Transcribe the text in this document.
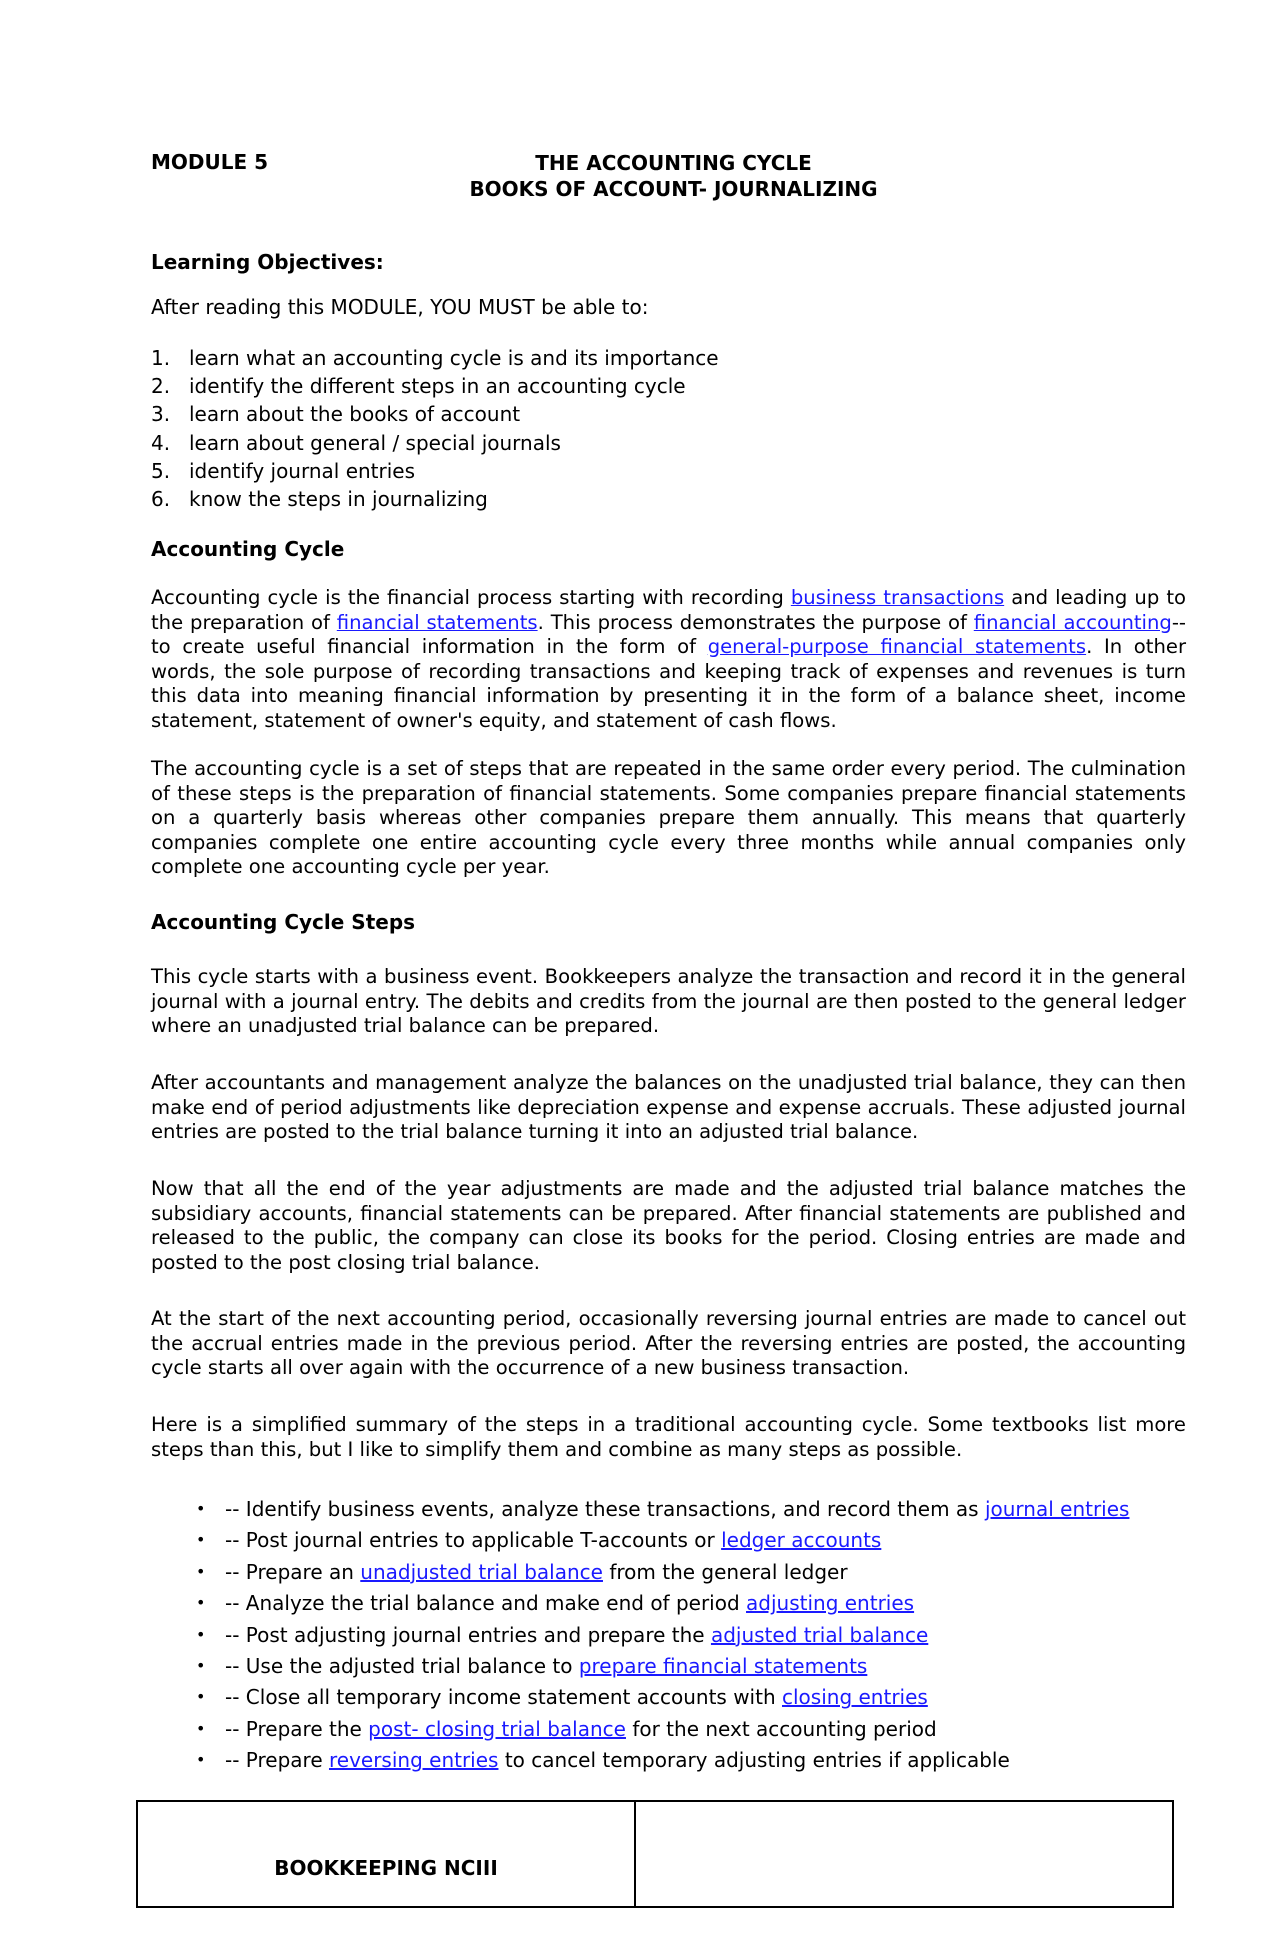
MODULE 5	THE ACCOUNTING CYCLE
BOOKS OF ACCOUNT- JOURNALIZING
Learning Objectives:
After reading this MODULE, YOU MUST be able to:
1. learn what an accounting cycle is and its importance
2. identify the different steps in an accounting cycle
3. learn about the books of account
4. learn about general / special journals
5. identify journal entries
6. know the steps in journalizing
Accounting Cycle

Accounting cycle is the financial process starting with recording business transactions and leading up to the preparation of financial statements. This process demonstrates the purpose of financial accounting--to create useful financial information in the form of general-purpose financial statements. In other words, the sole purpose of recording transactions and keeping track of expenses and revenues is turn this data into meaning financial information by presenting it in the form of a balance sheet, income statement, statement of owner's equity, and statement of cash flows.

The accounting cycle is a set of steps that are repeated in the same order every period. The culmination of these steps is the preparation of financial statements. Some companies prepare financial statements on a quarterly basis whereas other companies prepare them annually. This means that quarterly companies complete one entire accounting cycle every three months while annual companies only complete one accounting cycle per year.

Accounting Cycle Steps

This cycle starts with a business event. Bookkeepers analyze the transaction and record it in the general journal with a journal entry. The debits and credits from the journal are then posted to the general ledger where an unadjusted trial balance can be prepared.

After accountants and management analyze the balances on the unadjusted trial balance, they can then make end of period adjustments like depreciation expense and expense accruals. These adjusted journal entries are posted to the trial balance turning it into an adjusted trial balance.

Now that all the end of the year adjustments are made and the adjusted trial balance matches the subsidiary accounts, financial statements can be prepared. After financial statements are published and released to the public, the company can close its books for the period. Closing entries are made and posted to the post closing trial balance.

At the start of the next accounting period, occasionally reversing journal entries are made to cancel out the accrual entries made in the previous period. After the reversing entries are posted, the accounting cycle starts all over again with the occurrence of a new business transaction.

Here is a simplified summary of the steps in a traditional accounting cycle. Some textbooks list more steps than this, but I like to simplify them and combine as many steps as possible.

• -- Identify business events, analyze these transactions, and record them as journal entries
• -- Post journal entries to applicable T-accounts or ledger accounts
• -- Prepare an unadjusted trial balance from the general ledger
• -- Analyze the trial balance and make end of period adjusting entries
• -- Post adjusting journal entries and prepare the adjusted trial balance
• -- Use the adjusted trial balance to prepare financial statements
• -- Close all temporary income statement accounts with closing entries
• -- Prepare the post- closing trial balance for the next accounting period
• -- Prepare reversing entries to cancel temporary adjusting entries if applicable
BOOKKEEPING NCIII
